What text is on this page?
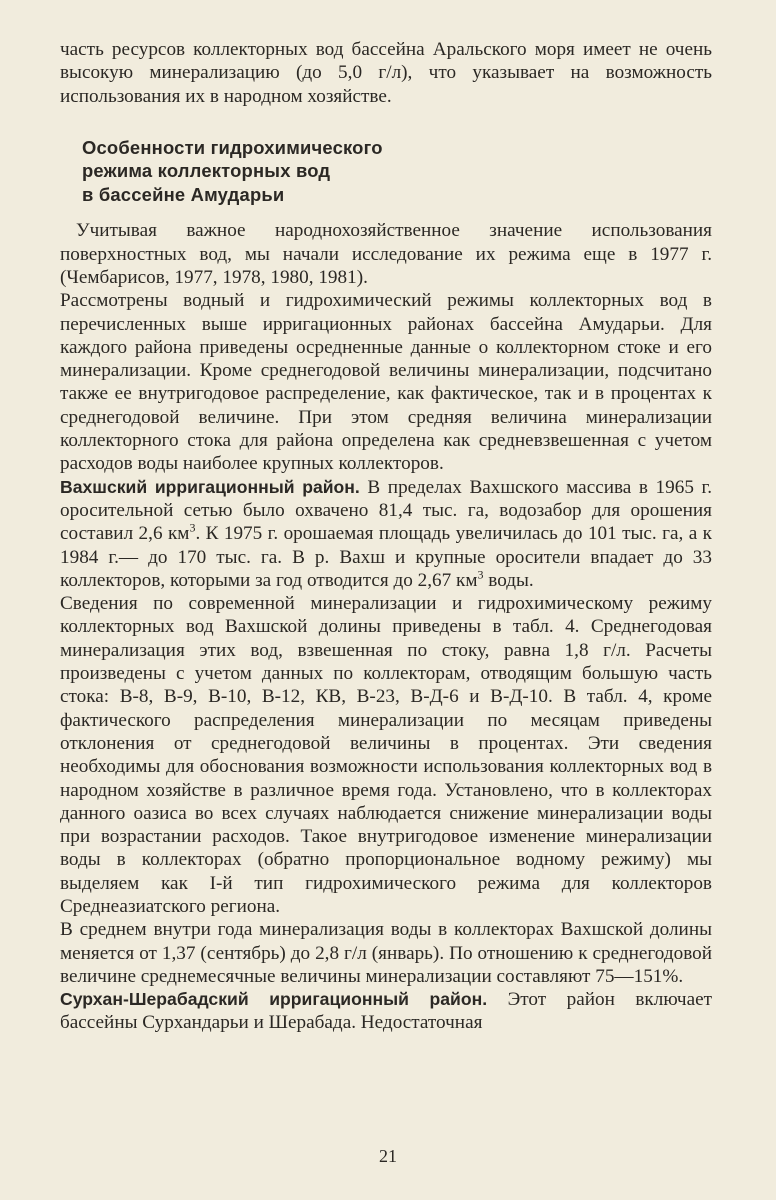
часть ресурсов коллекторных вод бассейна Аральского моря имеет не очень высокую минерализацию (до 5,0 г/л), что указывает на возможность использования их в народном хозяйстве.

Особенности гидрохимического
режима коллекторных вод
в бассейне Амударьи

Учитывая важное народнохозяйственное значение использования поверхностных вод, мы начали исследование их режима еще в 1977 г. (Чембарисов, 1977, 1978, 1980, 1981).

Рассмотрены водный и гидрохимический режимы коллекторных вод в перечисленных выше ирригационных районах бассейна Амударьи. Для каждого района приведены осредненные данные о коллекторном стоке и его минерализации. Кроме среднегодовой величины минерализации, подсчитано также ее внутригодовое распределение, как фактическое, так и в процентах к среднегодовой величине. При этом средняя величина минерализации коллекторного стока для района определена как средневзвешенная с учетом расходов воды наиболее крупных коллекторов.

Вахшский ирригационный район. В пределах Вахшского массива в 1965 г. оросительной сетью было охвачено 81,4 тыс. га, водозабор для орошения составил 2,6 $км^3$. К 1975 г. орошаемая площадь увеличилась до 101 тыс. га, а к 1984 г.— до 170 тыс. га. В р. Вахш и крупные оросители впадает до 33 коллекторов, которыми за год отводится до 2,67 $км^3$ воды.

Сведения по современной минерализации и гидрохимическому режиму коллекторных вод Вахшской долины приведены в табл. 4. Среднегодовая минерализация этих вод, взвешенная по стоку, равна 1,8 г/л. Расчеты произведены с учетом данных по коллекторам, отводящим большую часть стока: В-8, В-9, В-10, В-12, КВ, В-23, В-Д-6 и В-Д-10. В табл. 4, кроме фактического распределения минерализации по месяцам приведены отклонения от среднегодовой величины в процентах. Эти сведения необходимы для обоснования возможности использования коллекторных вод в народном хозяйстве в различное время года. Установлено, что в коллекторах данного оазиса во всех случаях наблюдается снижение минерализации воды при возрастании расходов. Такое внутригодовое изменение минерализации воды в коллекторах (обратно пропорциональное водному режиму) мы выделяем как I-й тип гидрохимического режима для коллекторов Среднеазиатского региона.

В среднем внутри года минерализация воды в коллекторах Вахшской долины меняется от 1,37 (сентябрь) до 2,8 г/л (январь). По отношению к среднегодовой величине среднемесячные величины минерализации составляют 75—151%.

Сурхан-Шерабадский ирригационный район. Этот район включает бассейны Сурхандарьи и Шерабада. Недостаточная

21
